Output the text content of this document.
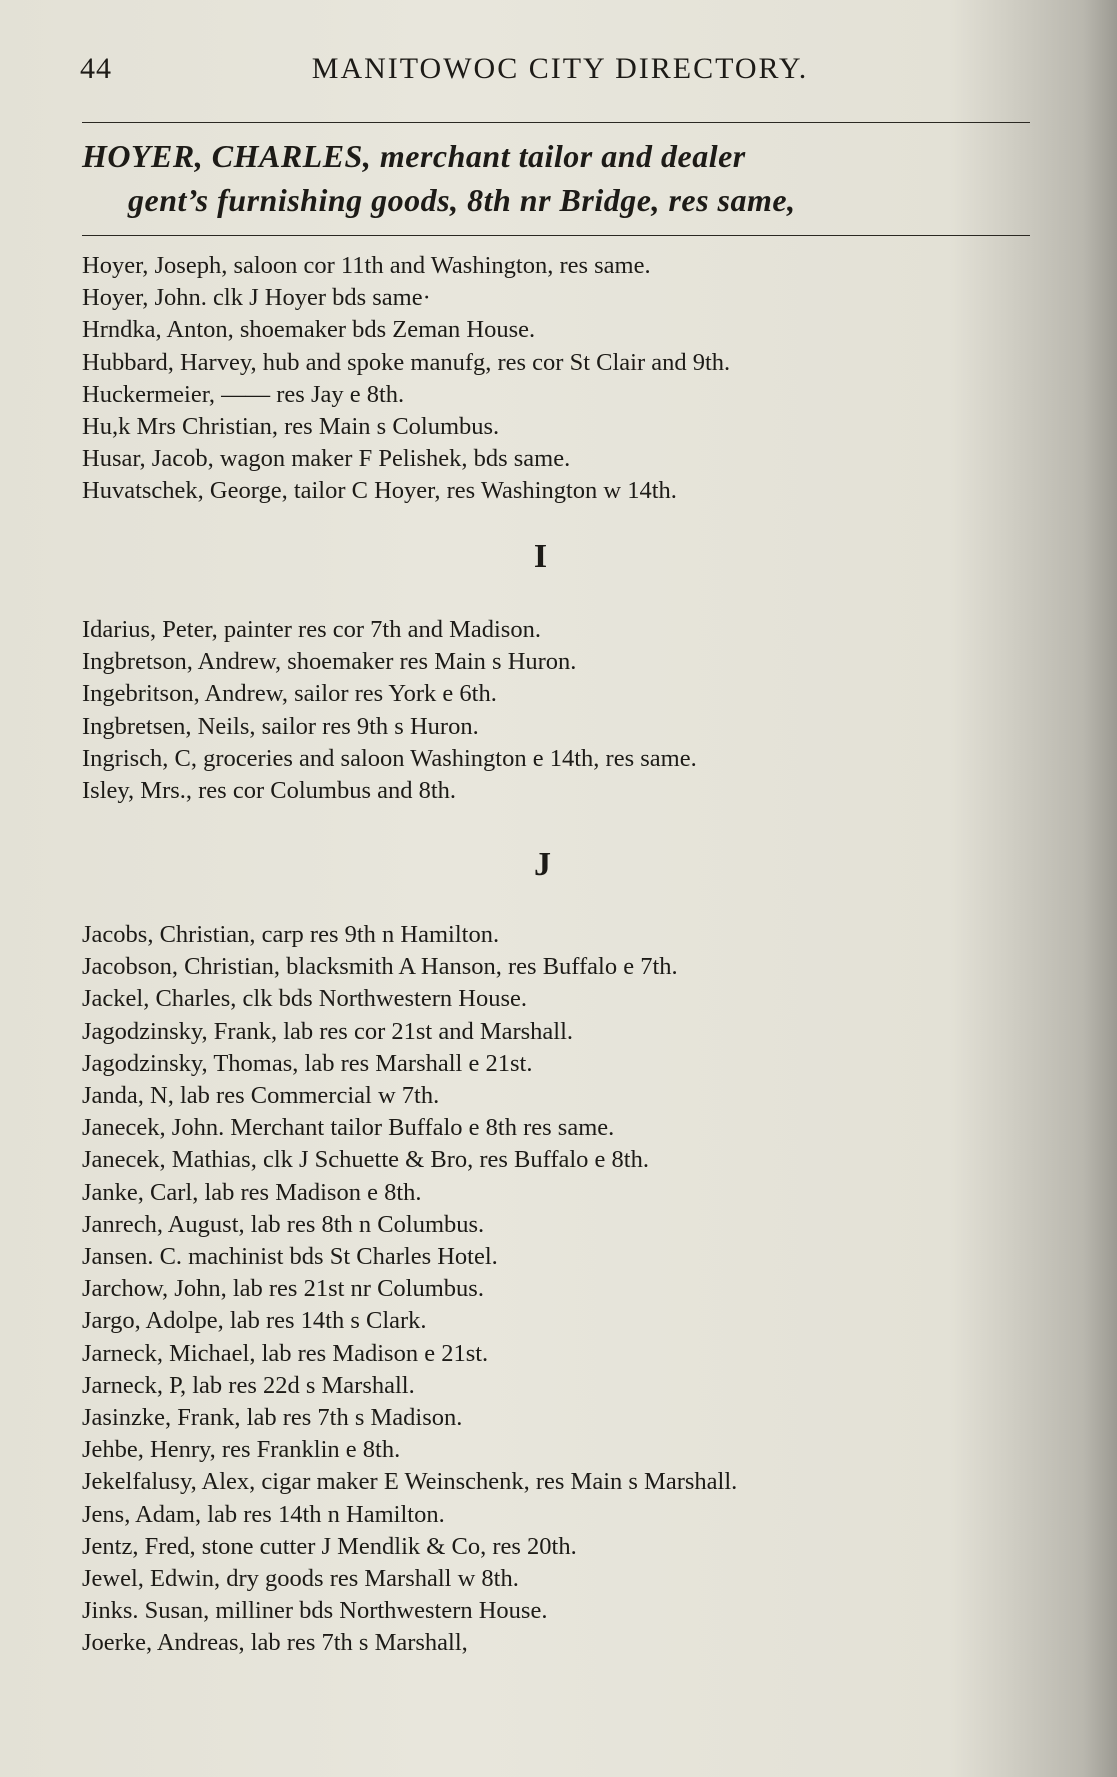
44	MANITOWOC CITY DIRECTORY.
HOYER, CHARLES, merchant tailor and dealer
gent’s furnishing goods, 8th nr Bridge, res same,
Hoyer, Joseph, saloon cor 11th and Washington, res same.
Hoyer, John. clk J Hoyer bds same·
Hrndka, Anton, shoemaker bds Zeman House.
Hubbard, Harvey, hub and spoke manufg, res cor St Clair and 9th.
Huckermeier, —— res Jay e 8th.
Hu,k Mrs Christian, res Main s Columbus.
Husar, Jacob, wagon maker F Pelishek, bds same.
Huvatschek, George, tailor C Hoyer, res Washington w 14th.
I
Idarius, Peter, painter res cor 7th and Madison.
Ingbretson, Andrew, shoemaker res Main s Huron.
Ingebritson, Andrew, sailor res York e 6th.
Ingbretsen, Neils, sailor res 9th s Huron.
Ingrisch, C, groceries and saloon Washington e 14th, res same.
Isley, Mrs., res cor Columbus and 8th.
J
Jacobs, Christian, carp res 9th n Hamilton.
Jacobson, Christian, blacksmith A Hanson, res Buffalo e 7th.
Jackel, Charles, clk bds Northwestern House.
Jagodzinsky, Frank, lab res cor 21st and Marshall.
Jagodzinsky, Thomas, lab res Marshall e 21st.
Janda, N, lab res Commercial w 7th.
Janecek, John. Merchant tailor Buffalo e 8th res same.
Janecek, Mathias, clk J Schuette & Bro, res Buffalo e 8th.
Janke, Carl, lab res Madison e 8th.
Janrech, August, lab res 8th n Columbus.
Jansen. C. machinist bds St Charles Hotel.
Jarchow, John, lab res 21st nr Columbus.
Jargo, Adolpe, lab res 14th s Clark.
Jarneck, Michael, lab res Madison e 21st.
Jarneck, P, lab res 22d s Marshall.
Jasinzke, Frank, lab res 7th s Madison.
Jehbe, Henry, res Franklin e 8th.
Jekelfalusy, Alex, cigar maker E Weinschenk, res Main s Marshall.
Jens, Adam, lab res 14th n Hamilton.
Jentz, Fred, stone cutter J Mendlik & Co, res 20th.
Jewel, Edwin, dry goods res Marshall w 8th.
Jinks. Susan, milliner bds Northwestern House.
Joerke, Andreas, lab res 7th s Marshall,
